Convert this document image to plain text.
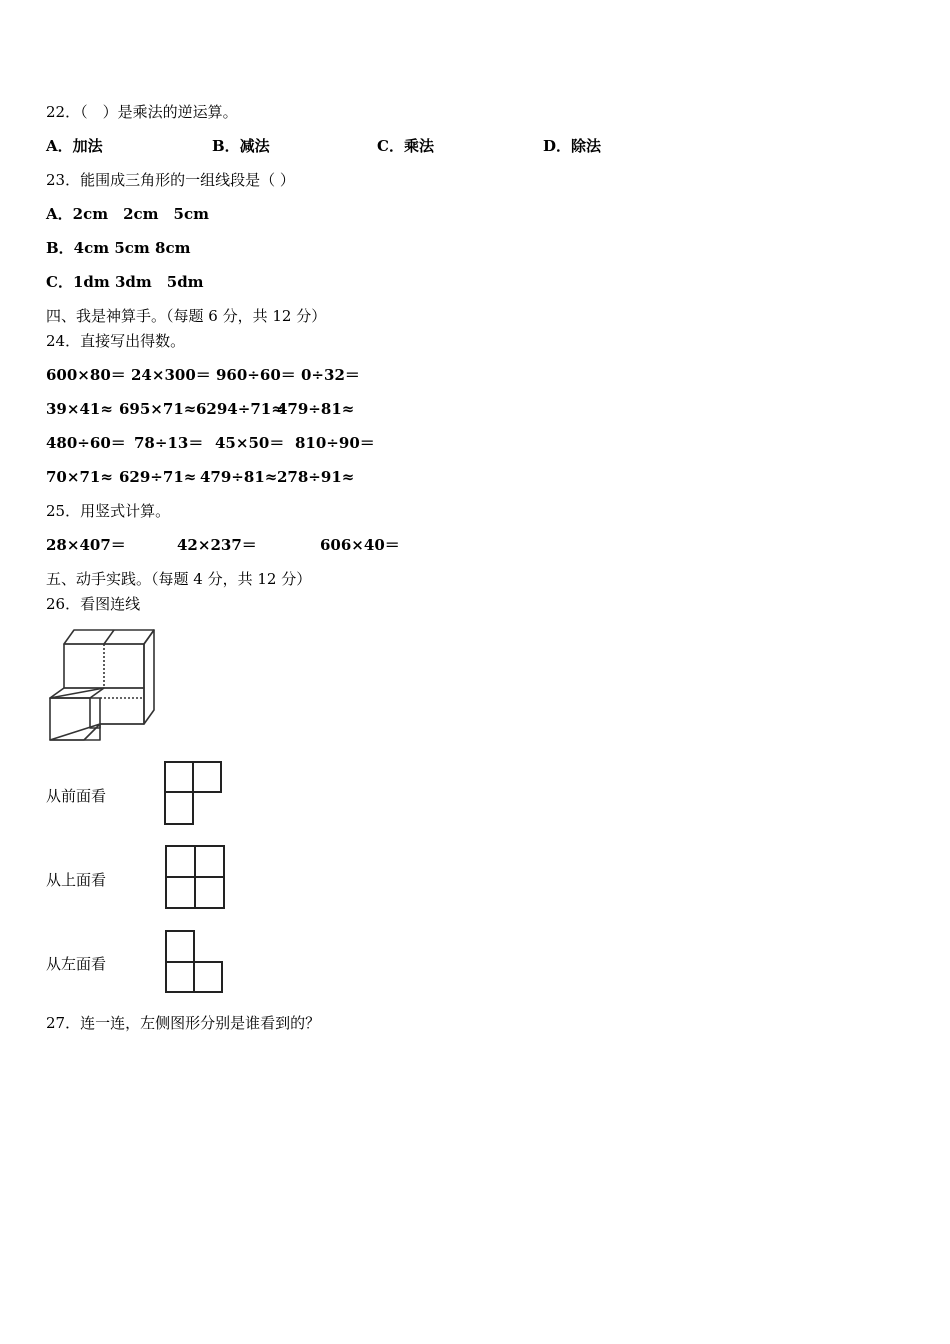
22．（　）是乘法的逆运算。
A．加法	B．减法	C．乘法	D．除法
23．能围成三角形的一组线段是（ ）
A．2cm　2cm　5cm
B．4cm 5cm 8cm
C．1dm 3dm　5dm
四、我是神算手。（每题 6 分，共 12 分）
24．直接写出得数。
600×80＝ 24×300＝ 960÷60＝ 0÷32＝
39×41≈ 695×71≈6294÷71≈479÷81≈
480÷60＝ 78÷13＝ 45×50＝ 810÷90＝
70×71≈ 629÷71≈ 479÷81≈278÷91≈
25．用竖式计算。
28×407＝	42×237＝	606×40＝
五、动手实践。（每题 4 分，共 12 分）
26．看图连线
从前面看
从上面看
从左面看
27．连一连，左侧图形分别是谁看到的？
